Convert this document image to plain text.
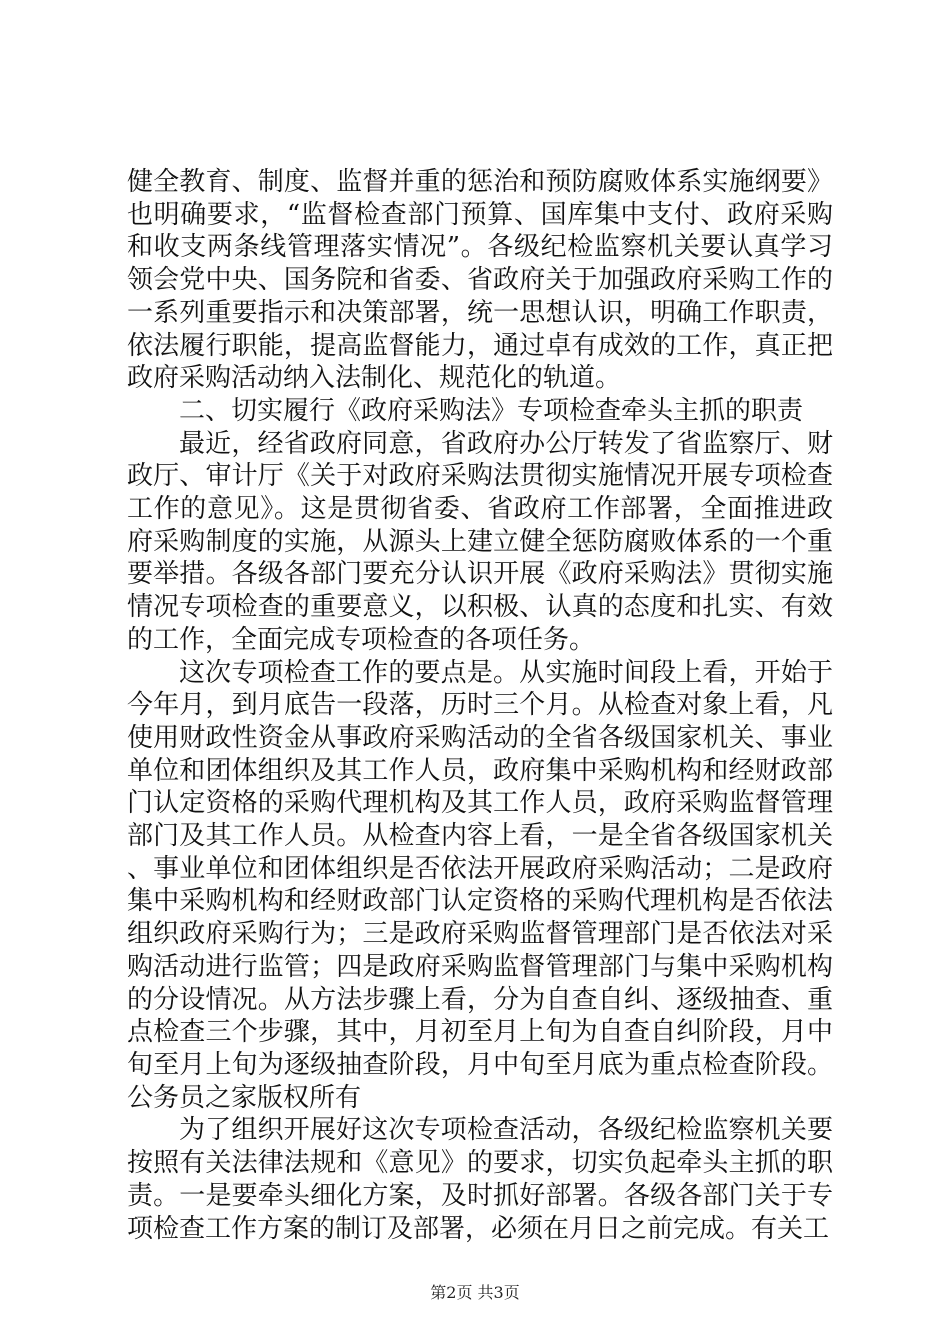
健全教育、制度、监督并重的惩治和预防腐败体系实施纲要》也明确要求，“监督检查部门预算、国库集中支付、政府采购和收支两条线管理落实情况”。各级纪检监察机关要认真学习领会党中央、国务院和省委、省政府关于加强政府采购工作的一系列重要指示和决策部署，统一思想认识，明确工作职责，依法履行职能，提高监督能力，通过卓有成效的工作，真正把政府采购活动纳入法制化、规范化的轨道。

二、切实履行《政府采购法》专项检查牵头主抓的职责

最近，经省政府同意，省政府办公厅转发了省监察厅、财政厅、审计厅《关于对政府采购法贯彻实施情况开展专项检查工作的意见》。这是贯彻省委、省政府工作部署，全面推进政府采购制度的实施，从源头上建立健全惩防腐败体系的一个重要举措。各级各部门要充分认识开展《政府采购法》贯彻实施情况专项检查的重要意义，以积极、认真的态度和扎实、有效的工作，全面完成专项检查的各项任务。

这次专项检查工作的要点是。从实施时间段上看，开始于今年月，到月底告一段落，历时三个月。从检查对象上看，凡使用财政性资金从事政府采购活动的全省各级国家机关、事业单位和团体组织及其工作人员，政府集中采购机构和经财政部门认定资格的采购代理机构及其工作人员，政府采购监督管理部门及其工作人员。从检查内容上看，一是全省各级国家机关、事业单位和团体组织是否依法开展政府采购活动；二是政府集中采购机构和经财政部门认定资格的采购代理机构是否依法组织政府采购行为；三是政府采购监督管理部门是否依法对采购活动进行监管；四是政府采购监督管理部门与集中采购机构的分设情况。从方法步骤上看，分为自查自纠、逐级抽查、重点检查三个步骤，其中，月初至月上旬为自查自纠阶段，月中旬至月上旬为逐级抽查阶段，月中旬至月底为重点检查阶段。公务员之家版权所有

为了组织开展好这次专项检查活动，各级纪检监察机关要按照有关法律法规和《意见》的要求，切实负起牵头主抓的职责。一是要牵头细化方案，及时抓好部署。各级各部门关于专项检查工作方案的制订及部署，必须在月日之前完成。有关工

第2页 共3页
